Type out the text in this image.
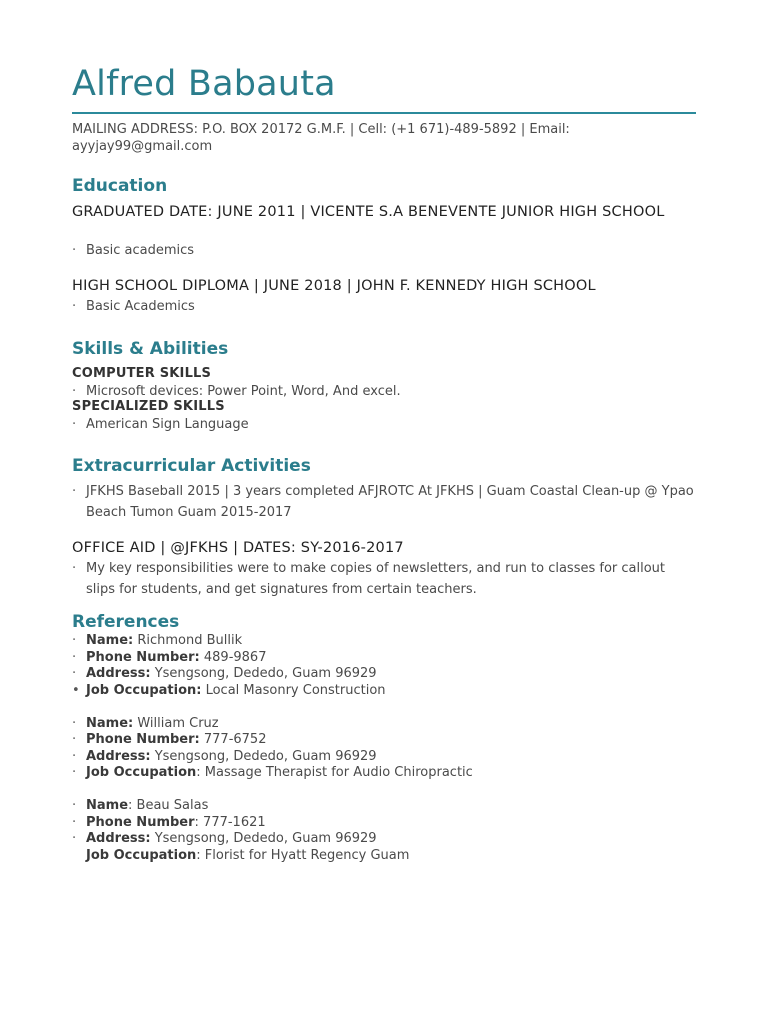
Alfred Babauta
MAILING ADDRESS: P.O. BOX 20172 G.M.F. | Cell: (+1 671)-489-5892 | Email: ayyjay99@gmail.com
Education
GRADUATED DATE: JUNE 2011 | VICENTE S.A BENEVENTE JUNIOR HIGH SCHOOL
· Basic academics
HIGH SCHOOL DIPLOMA | JUNE 2018 | JOHN F. KENNEDY HIGH SCHOOL
· Basic Academics
Skills & Abilities
COMPUTER SKILLS
· Microsoft devices: Power Point, Word, And excel.
SPECIALIZED SKILLS
· American Sign Language
Extracurricular Activities
· JFKHS Baseball 2015 | 3 years completed AFJROTC At JFKHS | Guam Coastal Clean-up @ Ypao Beach Tumon Guam 2015-2017
OFFICE AID | @JFKHS | DATES: SY-2016-2017
· My key responsibilities were to make copies of newsletters, and run to classes for callout slips for students, and get signatures from certain teachers.
References
· Name: Richmond Bullik
· Phone Number: 489-9867
· Address: Ysengsong, Dededo, Guam 96929
• Job Occupation: Local Masonry Construction
· Name: William Cruz
· Phone Number: 777-6752
· Address: Ysengsong, Dededo, Guam 96929
· Job Occupation: Massage Therapist for Audio Chiropractic
· Name: Beau Salas
· Phone Number: 777-1621
· Address: Ysengsong, Dededo, Guam 96929
Job Occupation: Florist for Hyatt Regency Guam
